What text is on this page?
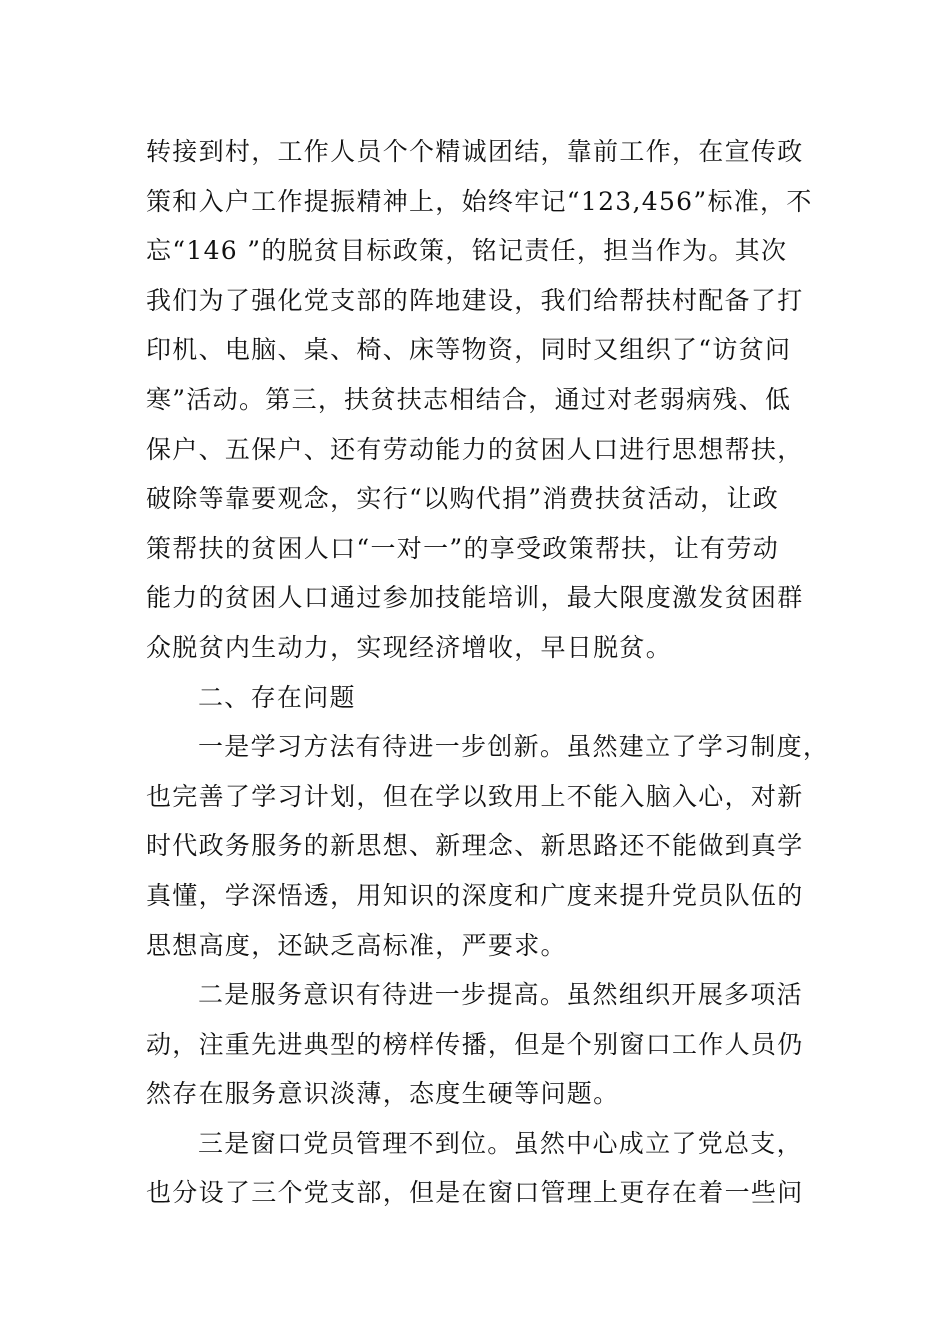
转接到村，工作人员个个精诚团结，靠前工作，在宣传政
策和入户工作提振精神上，始终牢记“123,456”标准，不
忘“146 ”的脱贫目标政策，铭记责任，担当作为。其次
我们为了强化党支部的阵地建设，我们给帮扶村配备了打
印机、电脑、桌、椅、床等物资，同时又组织了“访贫问
寒”活动。第三，扶贫扶志相结合，通过对老弱病残、低
保户、五保户、还有劳动能力的贫困人口进行思想帮扶，
破除等靠要观念，实行“以购代捐”消费扶贫活动，让政
策帮扶的贫困人口“一对一”的享受政策帮扶，让有劳动
能力的贫困人口通过参加技能培训，最大限度激发贫困群
众脱贫内生动力，实现经济增收，早日脱贫。
二、存在问题
一是学习方法有待进一步创新。虽然建立了学习制度，
也完善了学习计划，但在学以致用上不能入脑入心，对新
时代政务服务的新思想、新理念、新思路还不能做到真学
真懂，学深悟透，用知识的深度和广度来提升党员队伍的
思想高度，还缺乏高标准，严要求。
二是服务意识有待进一步提高。虽然组织开展多项活
动，注重先进典型的榜样传播，但是个别窗口工作人员仍
然存在服务意识淡薄，态度生硬等问题。
三是窗口党员管理不到位。虽然中心成立了党总支，
也分设了三个党支部，但是在窗口管理上更存在着一些问
